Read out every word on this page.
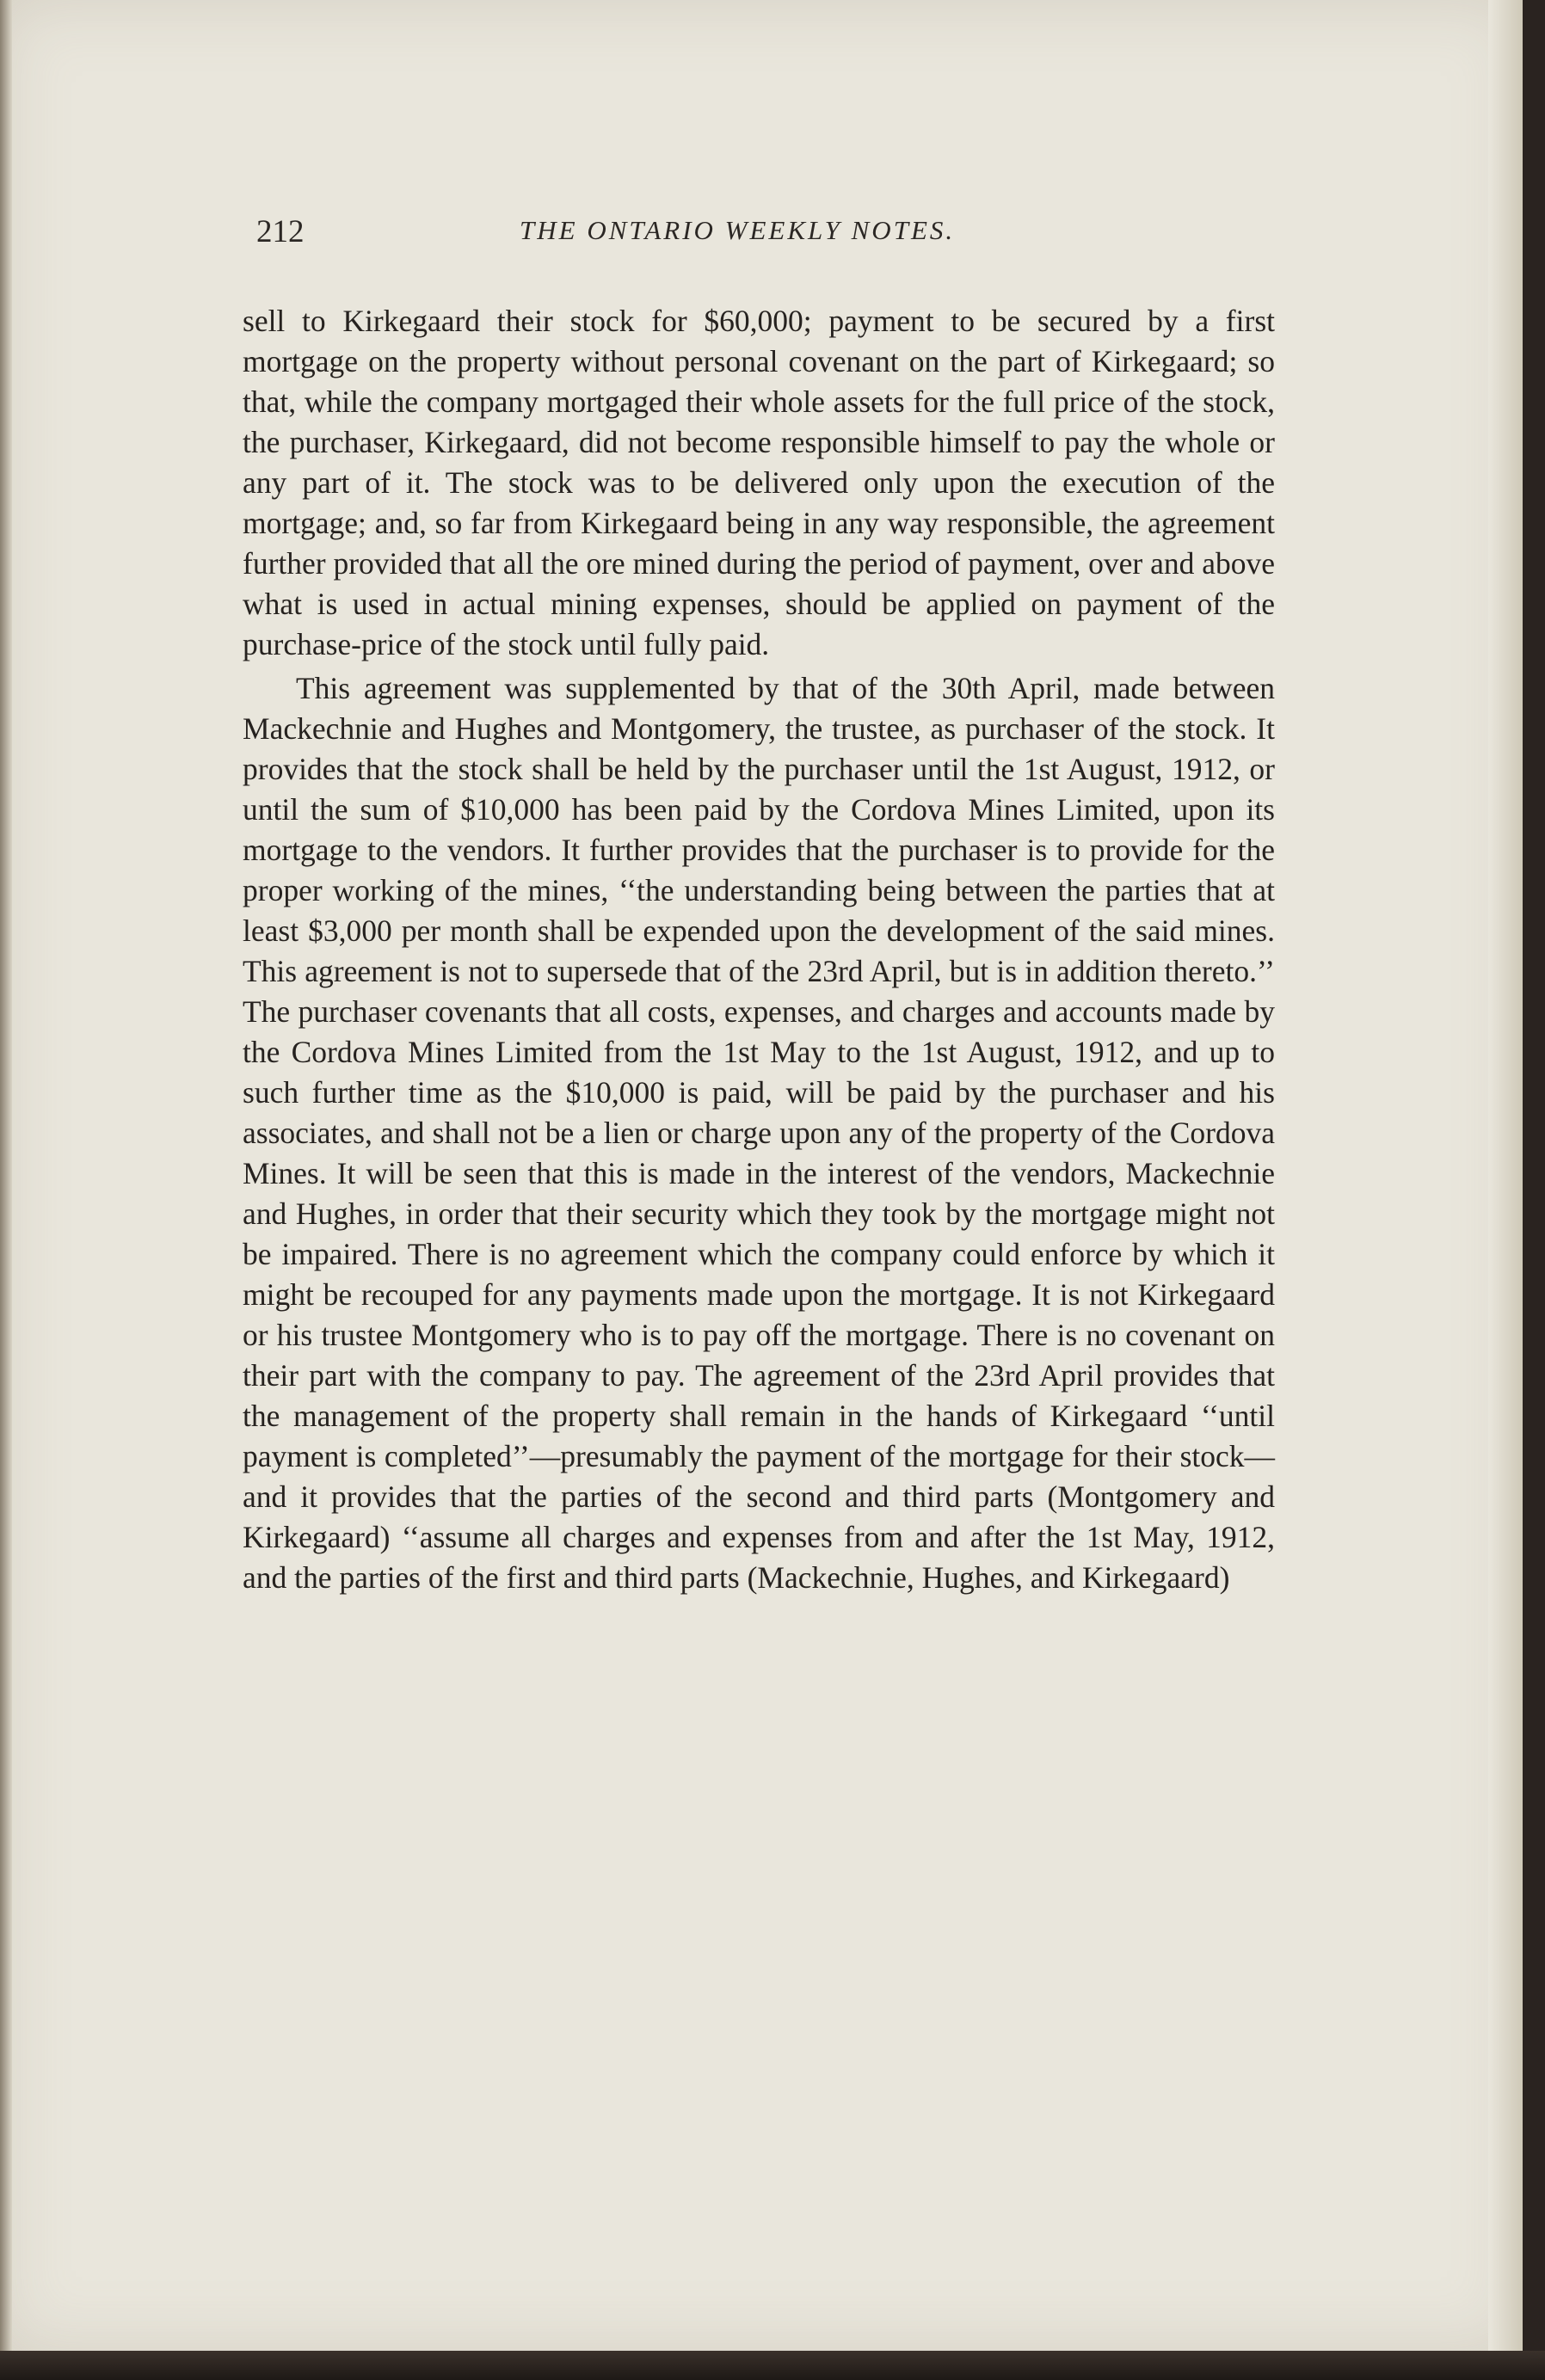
212	THE ONTARIO WEEKLY NOTES.

sell to Kirkegaard their stock for $60,000; payment to be secured by a first mortgage on the property without personal covenant on the part of Kirkegaard; so that, while the company mortgaged their whole assets for the full price of the stock, the purchaser, Kirkegaard, did not become responsible himself to pay the whole or any part of it. The stock was to be delivered only upon the execution of the mortgage; and, so far from Kirkegaard being in any way responsible, the agreement further provided that all the ore mined during the period of payment, over and above what is used in actual mining expenses, should be applied on payment of the purchase-price of the stock until fully paid.

This agreement was supplemented by that of the 30th April, made between Mackechnie and Hughes and Montgomery, the trustee, as purchaser of the stock. It provides that the stock shall be held by the purchaser until the 1st August, 1912, or until the sum of $10,000 has been paid by the Cordova Mines Limited, upon its mortgage to the vendors. It further provides that the purchaser is to provide for the proper working of the mines, ‘‘the understanding being between the parties that at least $3,000 per month shall be expended upon the development of the said mines. This agreement is not to supersede that of the 23rd April, but is in addition thereto.’’ The purchaser covenants that all costs, expenses, and charges and accounts made by the Cordova Mines Limited from the 1st May to the 1st August, 1912, and up to such further time as the $10,000 is paid, will be paid by the purchaser and his associates, and shall not be a lien or charge upon any of the property of the Cordova Mines. It will be seen that this is made in the interest of the vendors, Mackechnie and Hughes, in order that their security which they took by the mortgage might not be impaired. There is no agreement which the company could enforce by which it might be recouped for any payments made upon the mortgage. It is not Kirkegaard or his trustee Montgomery who is to pay off the mortgage. There is no covenant on their part with the company to pay. The agreement of the 23rd April provides that the management of the property shall remain in the hands of Kirkegaard ‘‘until payment is completed’’—presumably the payment of the mortgage for their stock—and it provides that the parties of the second and third parts (Montgomery and Kirkegaard) ‘‘assume all charges and expenses from and after the 1st May, 1912, and the parties of the first and third parts (Mackechnie, Hughes, and Kirkegaard)
